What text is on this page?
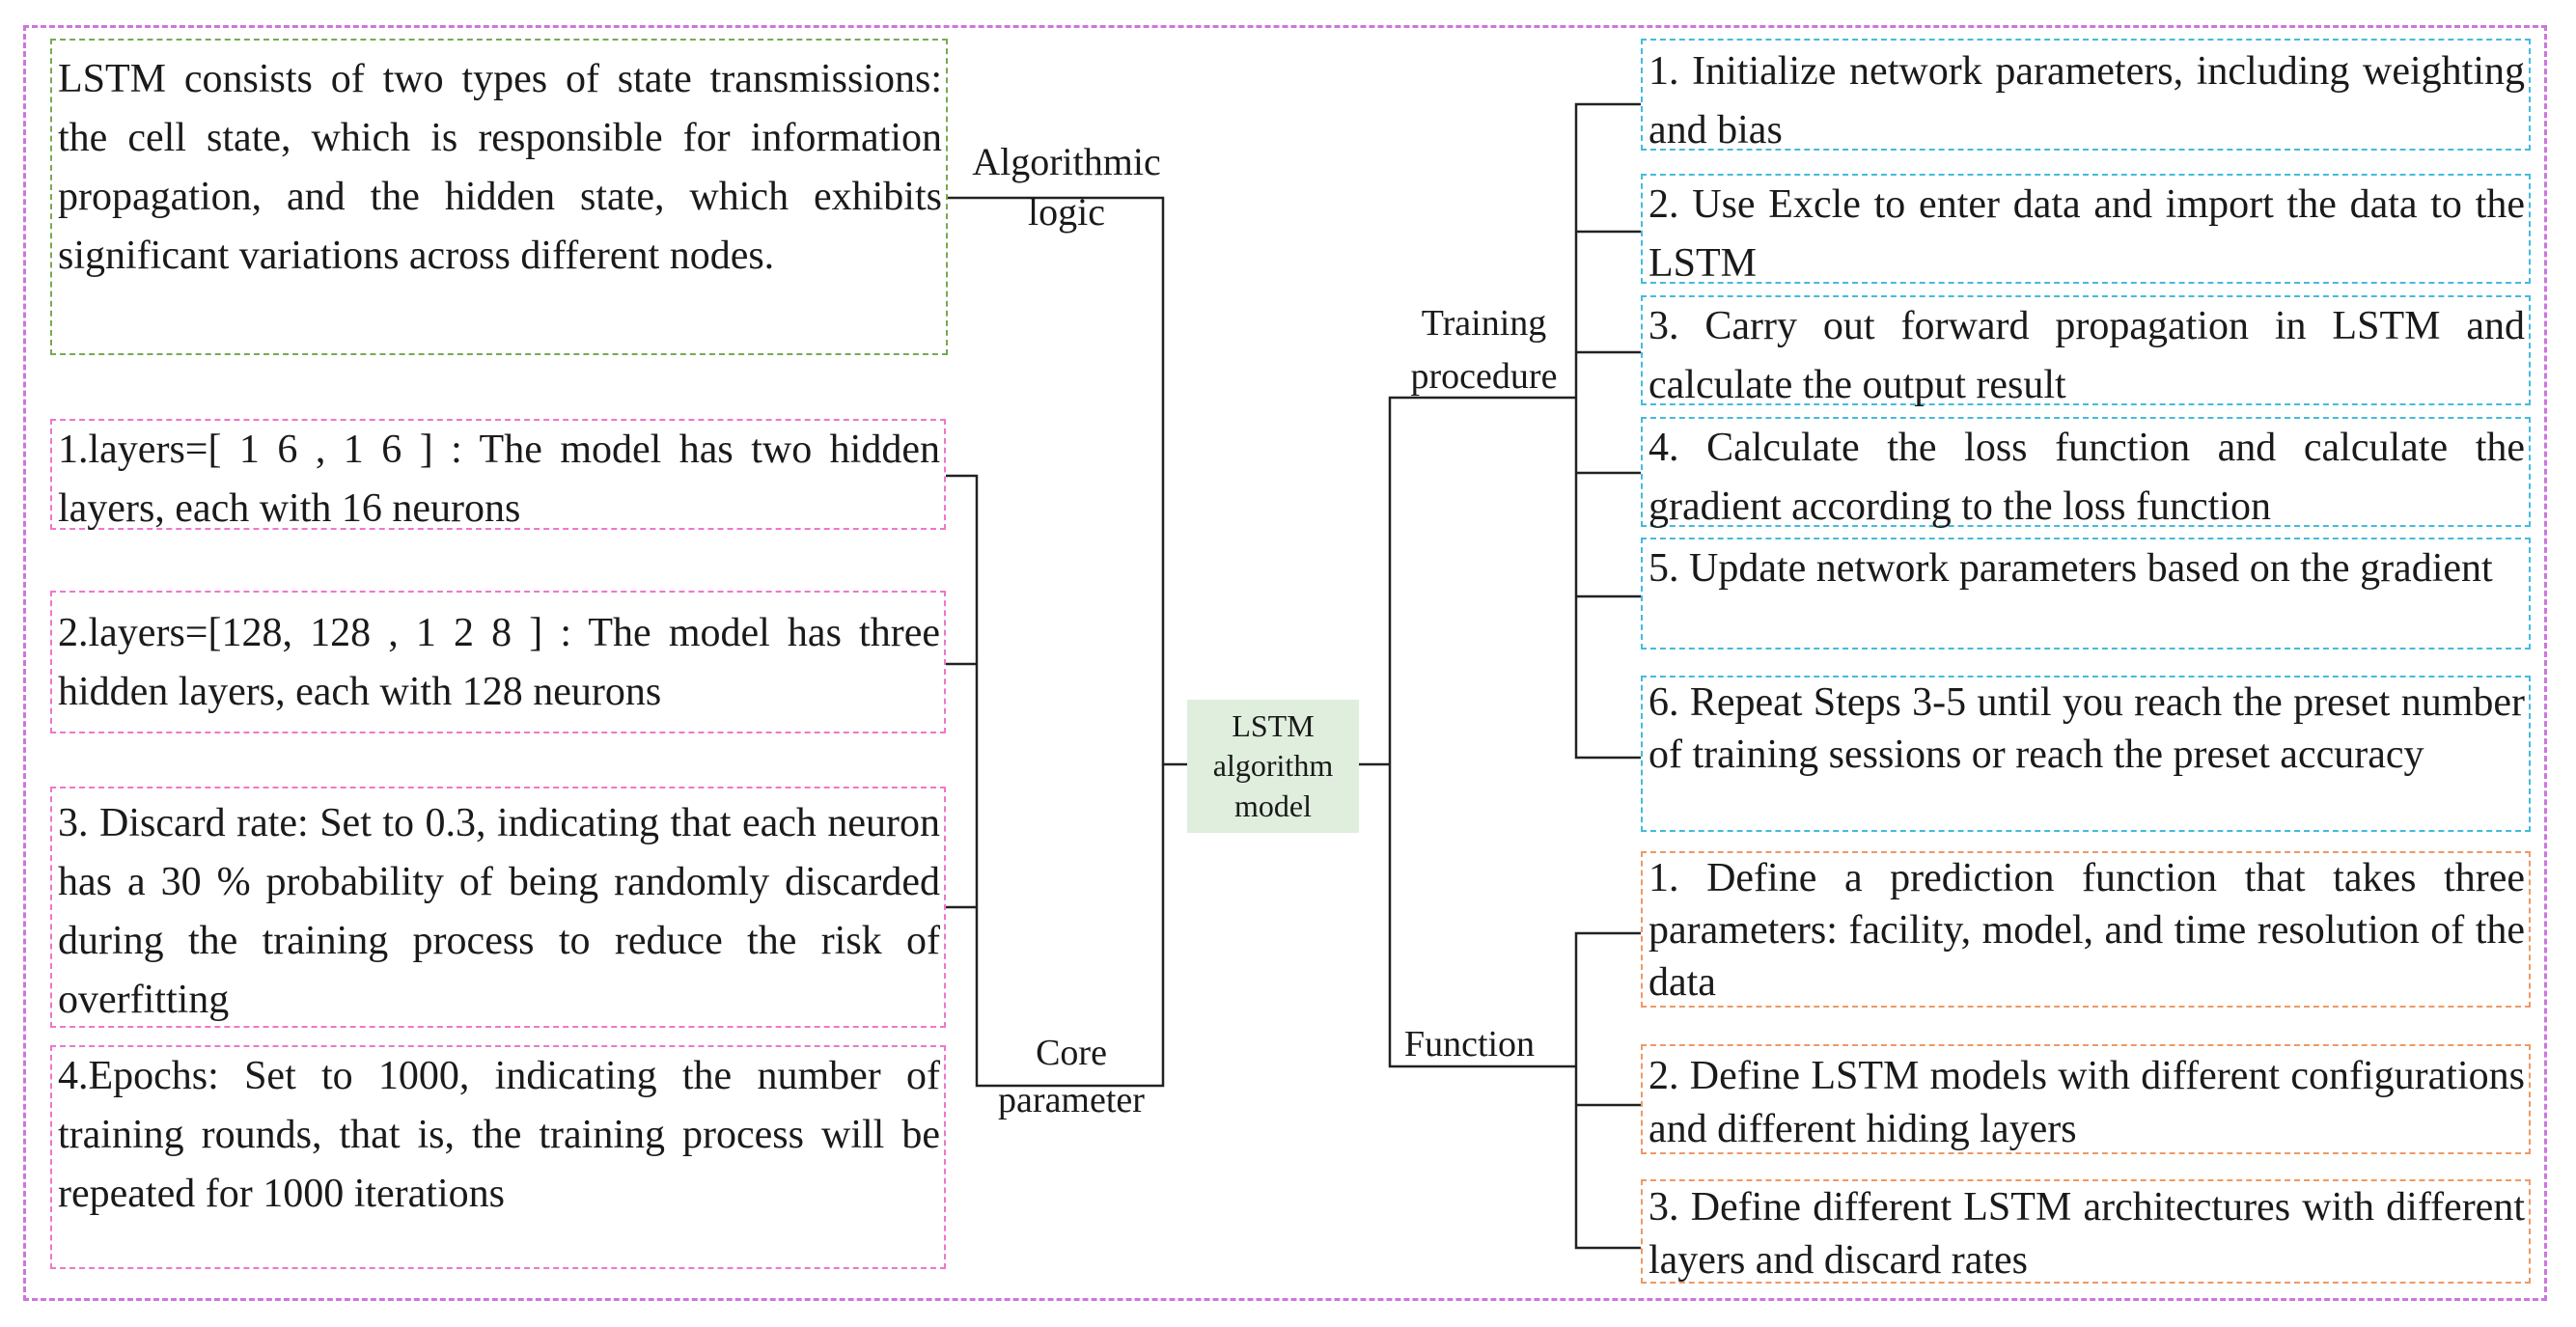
LSTM consists of two types of state transmissions: the cell state, which is responsible for information propagation, and the hidden state, which exhibits significant variations across different nodes.
1.layers=[ 1 6 , 1 6 ] : The model has two hidden layers, each with 16 neurons
2.layers=[128, 128 , 1 2 8 ] : The model has three hidden layers, each with 128 neurons
3. Discard rate: Set to 0.3, indicating that each neuron has a 30 % probability of being randomly discarded during the training process to reduce the risk of overfitting
4.Epochs: Set to 1000, indicating the number of training rounds, that is, the training process will be repeated for 1000 iterations
Algorithmic logic
Core parameter
LSTM
algorithm
model
Training procedure
Function
1. Initialize network parameters, including weighting and bias
2. Use Excle to enter data and import the data to the LSTM
3. Carry out forward propagation in LSTM and calculate the output result
4. Calculate the loss function and calculate the gradient according to the loss function
5. Update network parameters based on the gradient
6. Repeat Steps 3-5 until you reach the preset number of training sessions or reach the preset accuracy
1. Define a prediction function that takes three parameters: facility, model, and time resolution of the data
2. Define LSTM models with different configurations and different hiding layers
3. Define different LSTM architectures with different layers and discard rates
